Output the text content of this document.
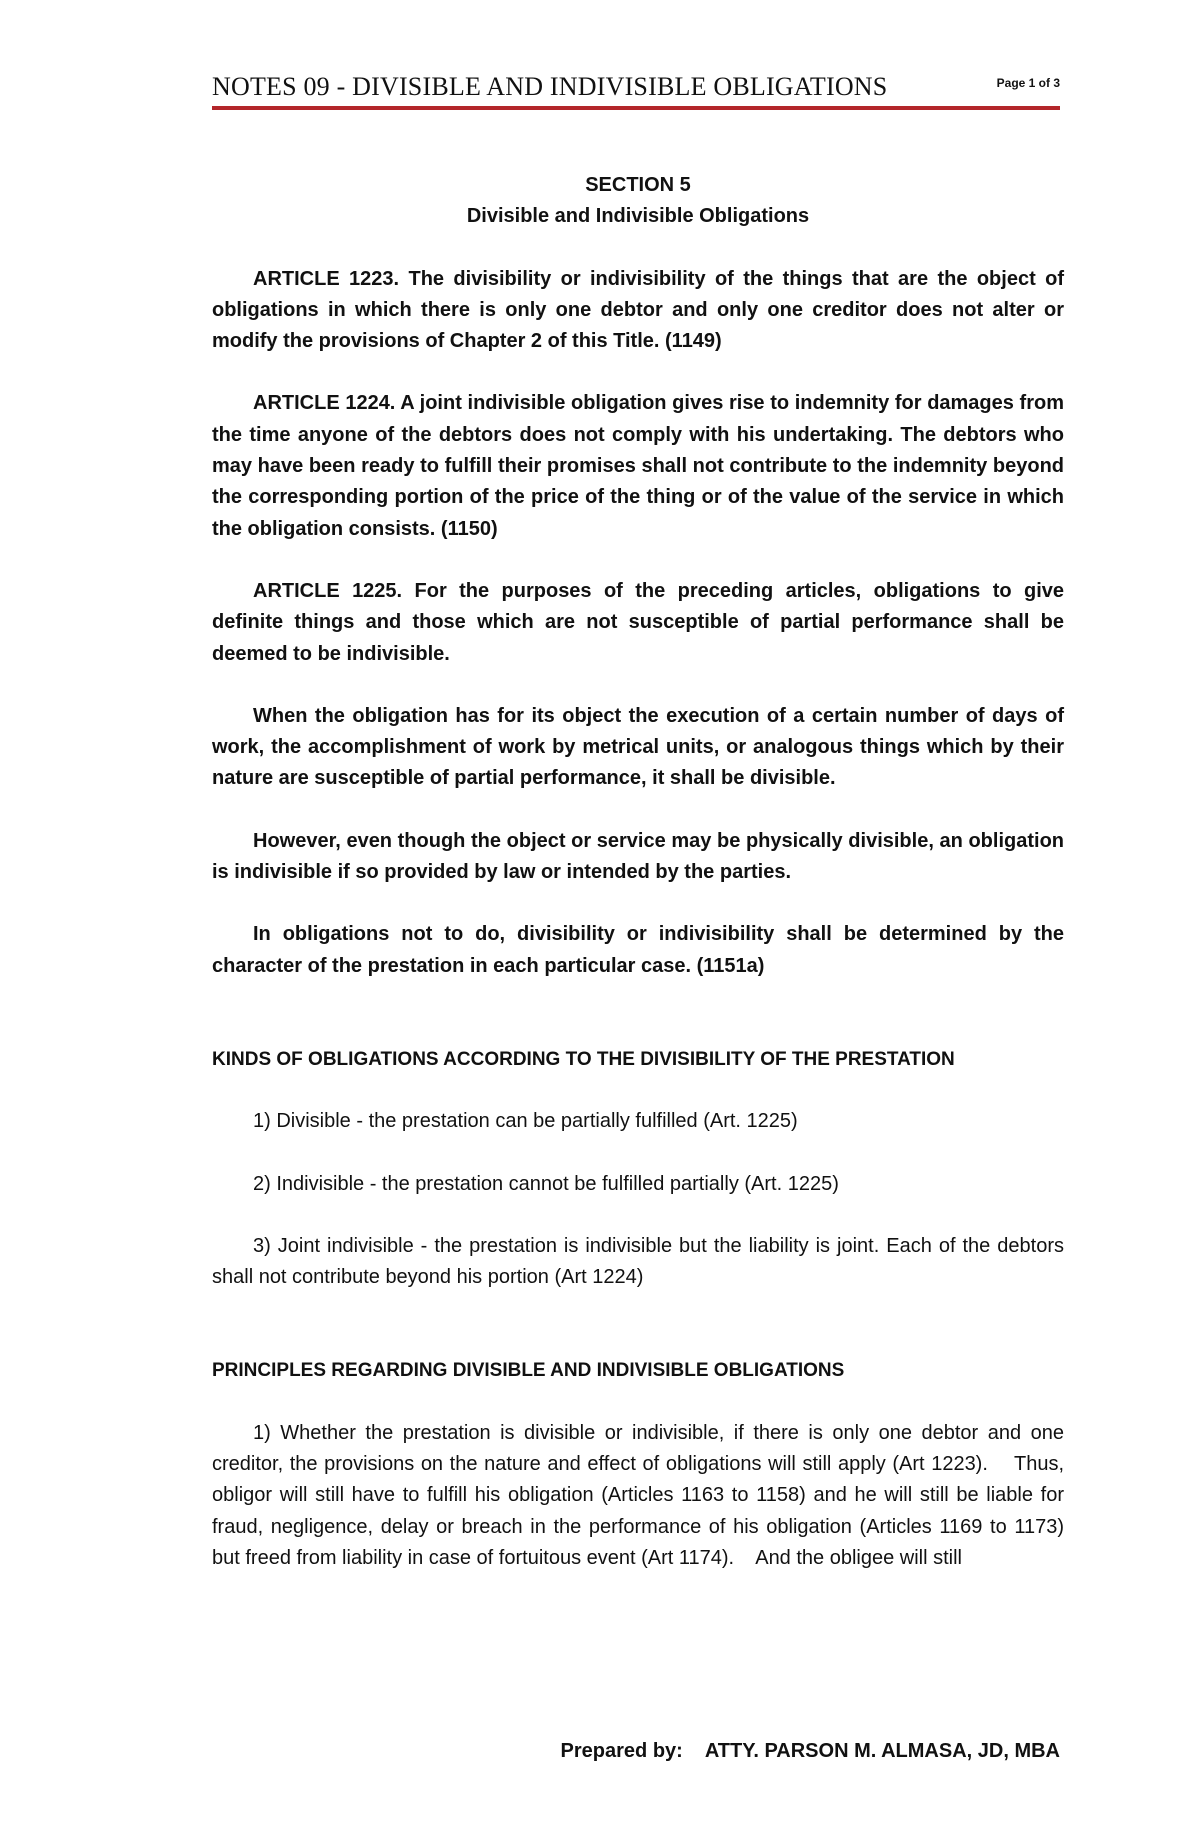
NOTES 09 - DIVISIBLE AND INDIVISIBLE OBLIGATIONS	Page 1 of 3

SECTION 5

Divisible and Indivisible Obligations

ARTICLE 1223. The divisibility or indivisibility of the things that are the object of obligations in which there is only one debtor and only one creditor does not alter or modify the provisions of Chapter 2 of this Title. (1149)

ARTICLE 1224. A joint indivisible obligation gives rise to indemnity for damages from the time anyone of the debtors does not comply with his undertaking. The debtors who may have been ready to fulfill their promises shall not contribute to the indemnity beyond the corresponding portion of the price of the thing or of the value of the service in which the obligation consists. (1150)

ARTICLE 1225. For the purposes of the preceding articles, obligations to give definite things and those which are not susceptible of partial performance shall be deemed to be indivisible.

When the obligation has for its object the execution of a certain number of days of work, the accomplishment of work by metrical units, or analogous things which by their nature are susceptible of partial performance, it shall be divisible.

However, even though the object or service may be physically divisible, an obligation is indivisible if so provided by law or intended by the parties.

In obligations not to do, divisibility or indivisibility shall be determined by the character of the prestation in each particular case. (1151a)

KINDS OF OBLIGATIONS ACCORDING TO THE DIVISIBILITY OF THE PRESTATION

1) Divisible - the prestation can be partially fulfilled (Art. 1225)

2) Indivisible - the prestation cannot be fulfilled partially (Art. 1225)

3) Joint indivisible - the prestation is indivisible but the liability is joint. Each of the debtors shall not contribute beyond his portion (Art 1224)

PRINCIPLES REGARDING DIVISIBLE AND INDIVISIBLE OBLIGATIONS

1) Whether the prestation is divisible or indivisible, if there is only one debtor and one creditor, the provisions on the nature and effect of obligations will still apply (Art 1223).    Thus, obligor will still have to fulfill his obligation (Articles 1163 to 1158) and he will still be liable for fraud, negligence, delay or breach in the performance of his obligation (Articles 1169 to 1173) but freed from liability in case of fortuitous event (Art 1174).    And the obligee will still

Prepared by: ATTY. PARSON M. ALMASA, JD, MBA
